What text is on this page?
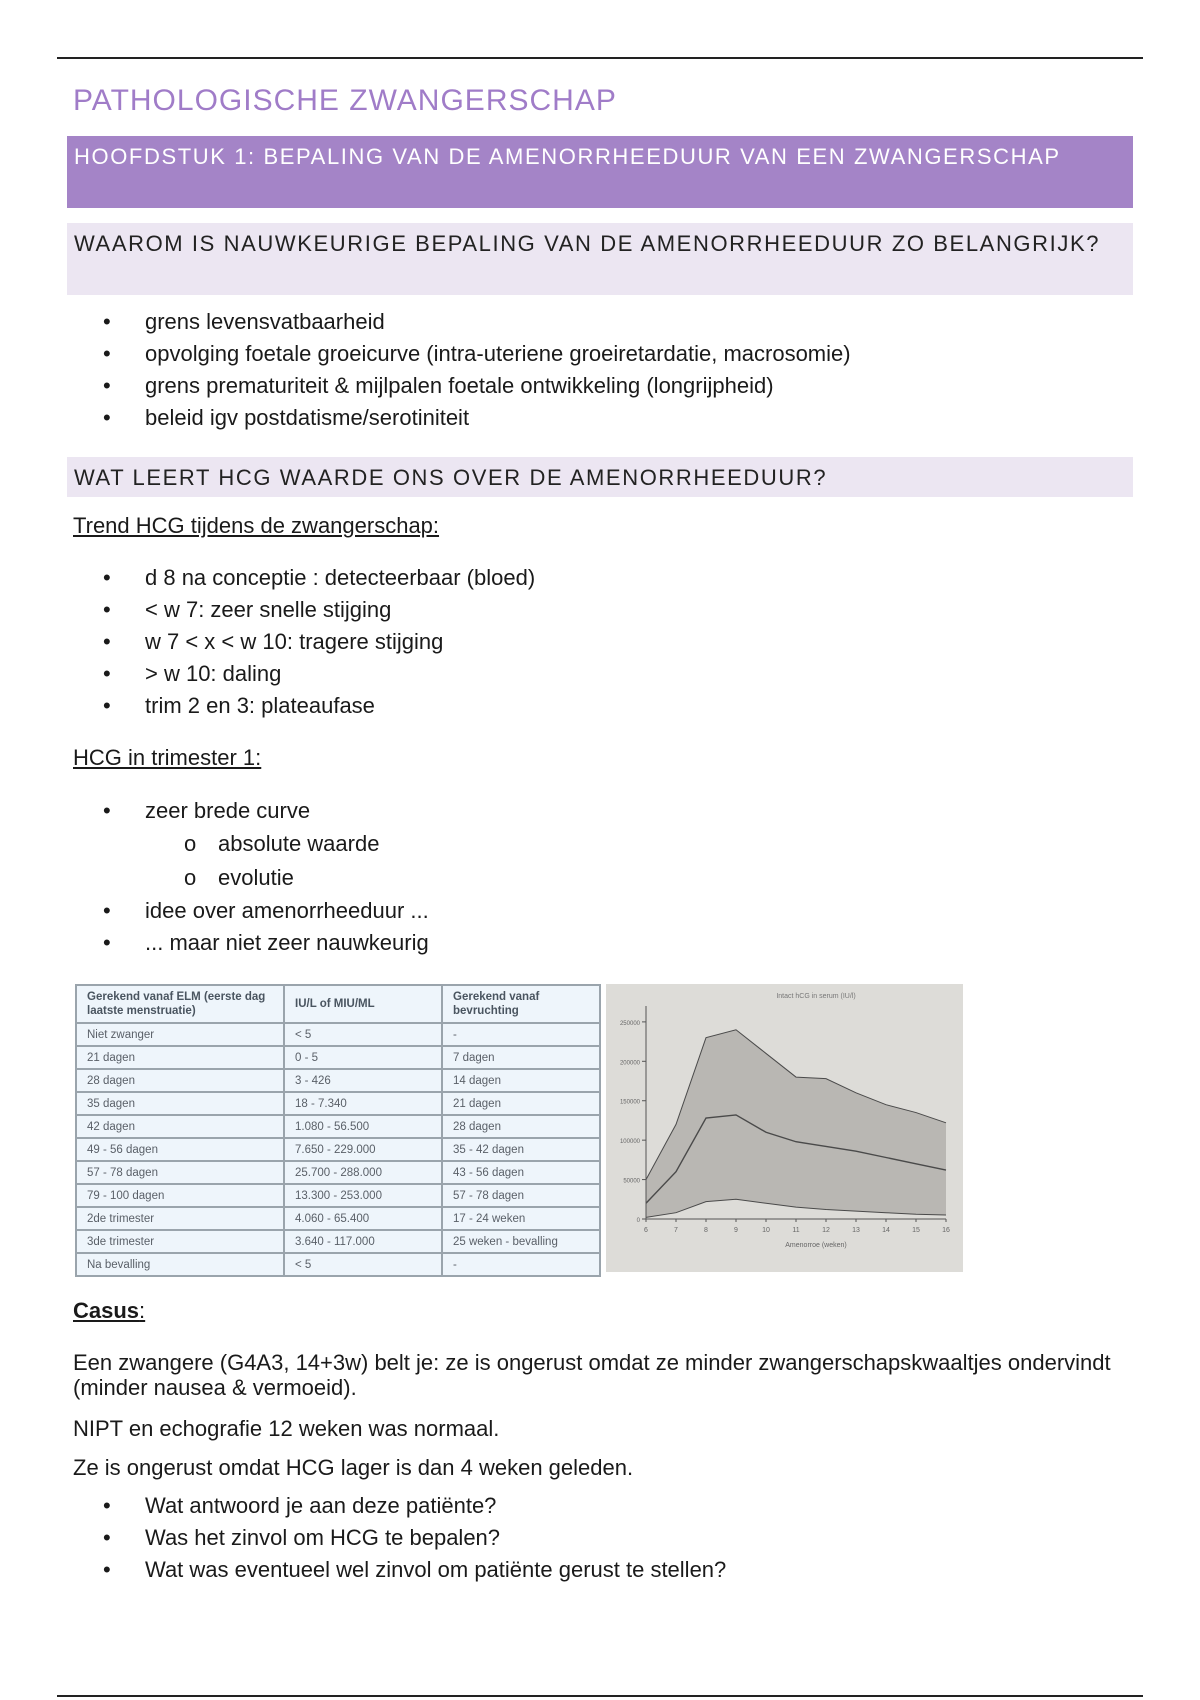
PATHOLOGISCHE ZWANGERSCHAP
HOOFDSTUK 1: BEPALING VAN DE AMENORRHEEDUUR VAN EEN ZWANGERSCHAP
WAAROM IS NAUWKEURIGE BEPALING VAN DE AMENORRHEEDUUR ZO BELANGRIJK?
• grens levensvatbaarheid
• opvolging foetale groeicurve (intra-uteriene groeiretardatie, macrosomie)
• grens prematuriteit & mijlpalen foetale ontwikkeling (longrijpheid)
• beleid igv postdatisme/serotiniteit
WAT LEERT HCG WAARDE ONS OVER DE AMENORRHEEDUUR?
Trend HCG tijdens de zwangerschap:
• d 8 na conceptie : detecteerbaar (bloed)
• < w 7: zeer snelle stijging
• w 7 < x < w 10: tragere stijging
• > w 10: daling
• trim 2 en 3: plateaufase
HCG in trimester 1:
• zeer brede curve
o absolute waarde
o evolutie
• idee over amenorrheeduur ...
• ... maar niet zeer nauwkeurig
Gerekend vanaf ELM (eerste dag laatste menstruatie)	IU/L of MIU/ML	Gerekend vanaf bevruchting
Niet zwanger	< 5	-
21 dagen	0 - 5	7 dagen
28 dagen	3 - 426	14 dagen
35 dagen	18 - 7.340	21 dagen
42 dagen	1.080 - 56.500	28 dagen
49 - 56 dagen	7.650 - 229.000	35 - 42 dagen
57 - 78 dagen	25.700 - 288.000	43 - 56 dagen
79 - 100 dagen	13.300 - 253.000	57 - 78 dagen
2de trimester	4.060 - 65.400	17 - 24 weken
3de trimester	3.640 - 117.000	25 weken - bevalling
Na bevalling	< 5	-
0
50000
100000
150000
200000
250000
6	7	8	9	10	11	12	13	14	15	16
Intact hCG in serum (IU/l)
Amenorroe (weken)
Casus:

Een zwangere (G4A3, 14+3w) belt je: ze is ongerust omdat ze minder zwangerschapskwaaltjes ondervindt (minder nausea & vermoeid).

NIPT en echografie 12 weken was normaal.

Ze is ongerust omdat HCG lager is dan 4 weken geleden.

• Wat antwoord je aan deze patiënte?
• Was het zinvol om HCG te bepalen?
• Wat was eventueel wel zinvol om patiënte gerust te stellen?
